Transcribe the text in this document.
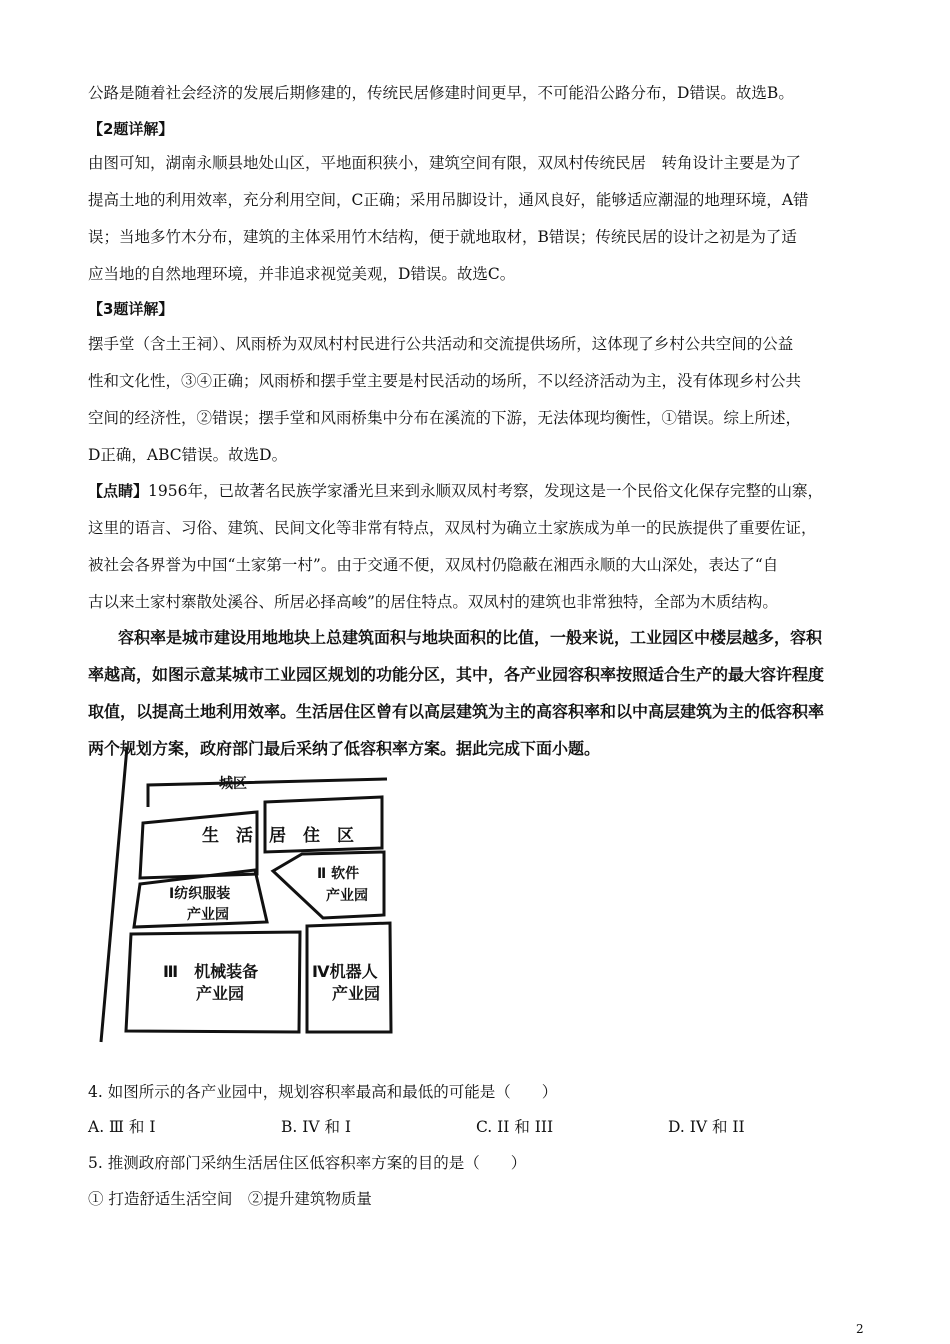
公路是随着社会经济的发展后期修建的，传统民居修建时间更早，不可能沿公路分布，D错误。故选B。
【2题详解】
由图可知，湖南永顺县地处山区，平地面积狭小，建筑空间有限，双凤村传统民居　转角设计主要是为了
提高土地的利用效率，充分利用空间，C正确；采用吊脚设计，通风良好，能够适应潮湿的地理环境，A错
误；当地多竹木分布，建筑的主体采用竹木结构，便于就地取材，B错误；传统民居的设计之初是为了适
应当地的自然地理环境，并非追求视觉美观，D错误。故选C。
【3题详解】
摆手堂（含土王祠）、风雨桥为双凤村村民进行公共活动和交流提供场所，这体现了乡村公共空间的公益
性和文化性，③④正确；风雨桥和摆手堂主要是村民活动的场所，不以经济活动为主，没有体现乡村公共
空间的经济性，②错误；摆手堂和风雨桥集中分布在溪流的下游，无法体现均衡性，①错误。综上所述，
D正确，ABC错误。故选D。
【点睛】1956年，已故著名民族学家潘光旦来到永顺双凤村考察，发现这是一个民俗文化保存完整的山寨，
这里的语言、习俗、建筑、民间文化等非常有特点，双凤村为确立土家族成为单一的民族提供了重要佐证，
被社会各界誉为中国“土家第一村”。由于交通不便，双凤村仍隐蔽在湘西永顺的大山深处，表达了“自
古以来土家村寨散处溪谷、所居必择高峻”的居住特点。双凤村的建筑也非常独特，全部为木质结构。
容积率是城市建设用地地块上总建筑面积与地块面积的比值，一般来说，工业园区中楼层越多，容积
率越高，如图示意某城市工业园区规划的功能分区，其中，各产业园容积率按照适合生产的最大容许程度
取值，以提高土地利用效率。生活居住区曾有以高层建筑为主的高容积率和以中高层建筑为主的低容积率
两个规划方案，政府部门最后采纳了低容积率方案。据此完成下面小题。
城区
生　活 居　住　区
Ⅰ纺织服装
产业园
Ⅱ 软件
产业园
Ⅲ　机械装备
产业园
Ⅳ机器人
产业园
4. 如图所示的各产业园中，规划容积率最高和最低的可能是（　　）
A. Ⅲ 和 I	B. IV 和 I	C. II 和 III	D. IV 和 II
5. 推测政府部门采纳生活居住区低容积率方案的目的是（　　）
① 打造舒适生活空间　②提升建筑物质量
2
